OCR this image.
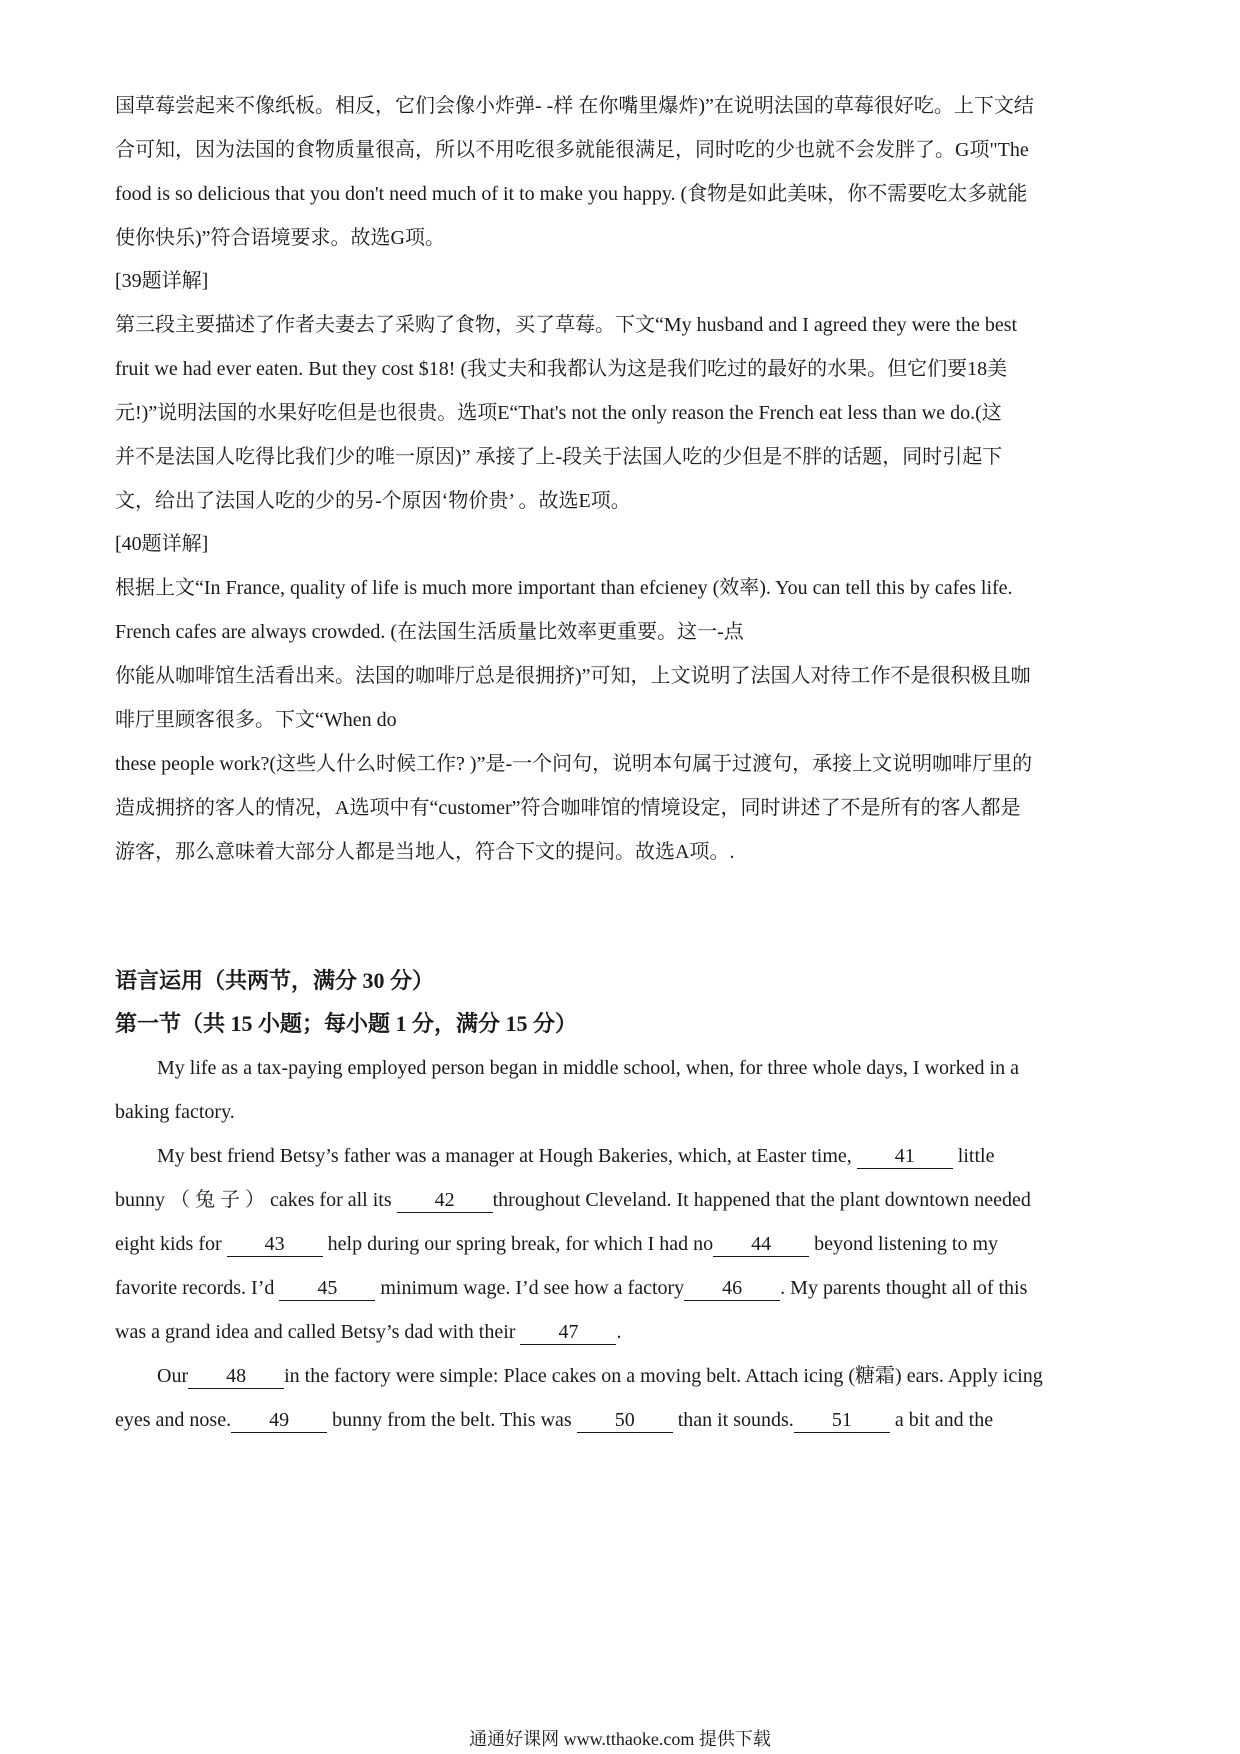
国草莓尝起来不像纸板。相反，它们会像小炸弹- -样 在你嘴里爆炸)”在说明法国的草莓很好吃。上下文结
合可知，因为法国的食物质量很高，所以不用吃很多就能很满足，同时吃的少也就不会发胖了。G项"The
food is so delicious that you don't need much of it to make you happy. (食物是如此美味，你不需要吃太多就能
使你快乐)”符合语境要求。故选G项。
[39题详解]
第三段主要描述了作者夫妻去了采购了食物，买了草莓。下文“My husband and I agreed they were the best
fruit we had ever eaten. But they cost $18! (我丈夫和我都认为这是我们吃过的最好的水果。但它们要18美
元!)”说明法国的水果好吃但是也很贵。选项E“That's not the only reason the French eat less than we do.(这
并不是法国人吃得比我们少的唯一原因)” 承接了上-段关于法国人吃的少但是不胖的话题，同时引起下
文，给出了法国人吃的少的另-个原因‘物价贵’ 。故选E项。
[40题详解]
根据上文“In France, quality of life is much more important than efcieney (效率). You can tell this by cafes life.
French cafes are always crowded. (在法国生活质量比效率更重要。这一-点
你能从咖啡馆生活看出来。法国的咖啡厅总是很拥挤)”可知，上文说明了法国人对待工作不是很积极且咖
啡厅里顾客很多。下文“When do
these people work?(这些人什么时候工作? )”是-一个问句，说明本句属于过渡句，承接上文说明咖啡厅里的
造成拥挤的客人的情况，A选项中有“customer”符合咖啡馆的情境设定，同时讲述了不是所有的客人都是
游客，那么意味着大部分人都是当地人，符合下文的提问。故选A项。.
语言运用（共两节，满分 30 分）
第一节（共 15 小题；每小题 1 分，满分 15 分）
My life as a tax-paying employed person began in middle school, when, for three whole days, I worked in a
baking factory.
My best friend Betsy’s father was a manager at Hough Bakeries, which, at Easter time, 41 little
bunny （ 兔 子 ） cakes for all its 42 throughout Cleveland. It happened that the plant downtown needed
eight kids for 43 help during our spring break, for which I had no 44 beyond listening to my
favorite records. I’d 45 minimum wage. I’d see how a factory 46 . My parents thought all of this
was a grand idea and called Betsy’s dad with their 47 .
Our 48 in the factory were simple: Place cakes on a moving belt. Attach icing (糖霜) ears. Apply icing
eyes and nose. 49 bunny from the belt. This was 50 than it sounds. 51 a bit and the
通通好课网 www.tthaoke.com 提供下载
